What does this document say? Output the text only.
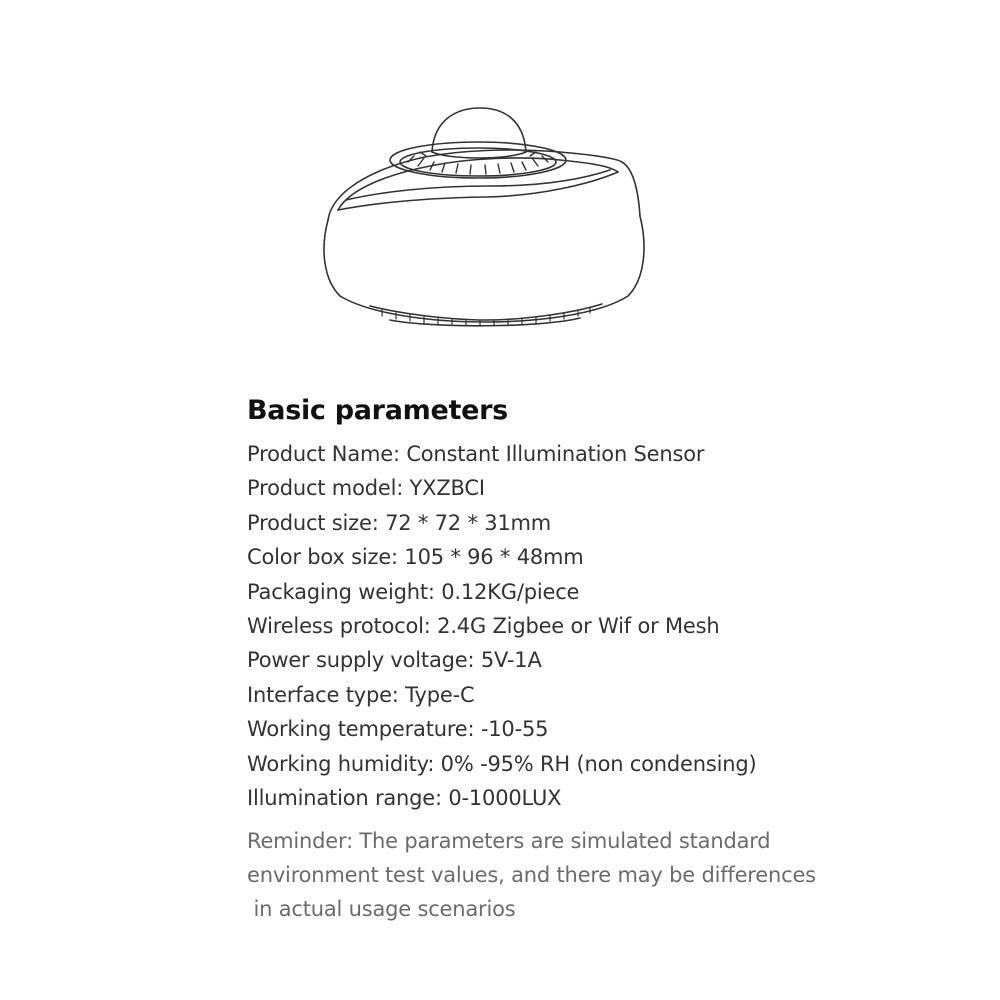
Basic parameters
Product Name: Constant Illumination Sensor
Product model: YXZBCI
Product size: 72 * 72 * 31mm
Color box size: 105 * 96 * 48mm
Packaging weight: 0.12KG/piece
Wireless protocol: 2.4G Zigbee or Wif or Mesh
Power supply voltage: 5V-1A
Interface type: Type-C
Working temperature: -10-55
Working humidity: 0% -95% RH (non condensing)
Illumination range: 0-1000LUX

Reminder: The parameters are simulated standard
environment test values, and there may be differences
in actual usage scenarios
